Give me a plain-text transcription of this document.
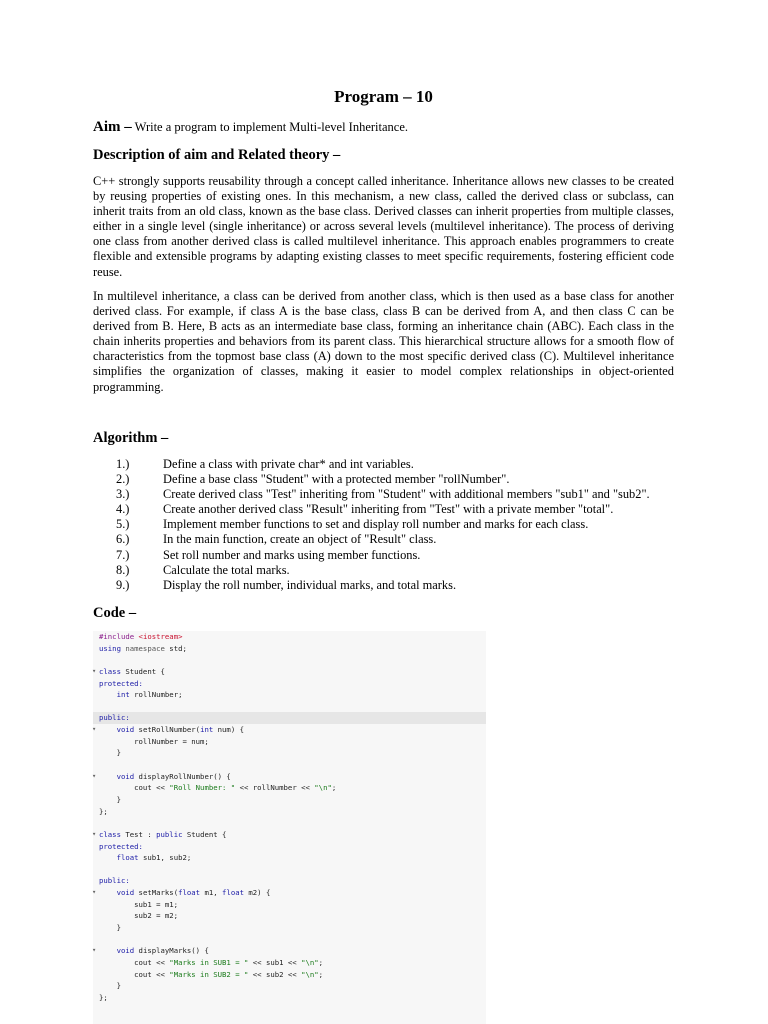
Program – 10
Aim – Write a program to implement Multi-level Inheritance.
Description of aim and Related theory –

C++ strongly supports reusability through a concept called inheritance. Inheritance allows new classes to be created by reusing properties of existing ones. In this mechanism, a new class, called the derived class or subclass, can inherit traits from an old class, known as the base class. Derived classes can inherit properties from multiple classes, either in a single level (single inheritance) or across several levels (multilevel inheritance). The process of deriving one class from another derived class is called multilevel inheritance. This approach enables programmers to create flexible and extensible programs by adapting existing classes to meet specific requirements, fostering efficient code reuse.

In multilevel inheritance, a class can be derived from another class, which is then used as a base class for another derived class. For example, if class A is the base class, class B can be derived from A, and then class C can be derived from B. Here, B acts as an intermediate base class, forming an inheritance chain (ABC). Each class in the chain inherits properties and behaviors from its parent class. This hierarchical structure allows for a smooth flow of characteristics from the topmost base class (A) down to the most specific derived class (C). Multilevel inheritance simplifies the organization of classes, making it easier to model complex relationships in object-oriented programming.

Algorithm –
1.)	Define a class with private char* and int variables.
2.)	Define a base class "Student" with a protected member "rollNumber".
3.)	Create derived class "Test" inheriting from "Student" with additional members "sub1" and "sub2".
4.)	Create another derived class "Result" inheriting from "Test" with a private member "total".
5.)	Implement member functions to set and display roll number and marks for each class.
6.)	In the main function, create an object of "Result" class.
7.)	Set roll number and marks using member functions.
8.)	Calculate the total marks.
9.)	Display the roll number, individual marks, and total marks.
Code –
#include <iostream>
using namespace std;

▾ class Student {
protected:
int rollNumber;

public:
▾	void setRollNumber(int num) {
rollNumber = num;
}

▾	void displayRollNumber() {
cout << "Roll Number: " << rollNumber << "\n";
}
};

▾ class Test : public Student {
protected:
float sub1, sub2;

public:
▾	void setMarks(float m1, float m2) {
sub1 = m1;
sub2 = m2;
}

▾	void displayMarks() {
cout << "Marks in SUB1 = " << sub1 << "\n";
cout << "Marks in SUB2 = " << sub2 << "\n";
}
};
